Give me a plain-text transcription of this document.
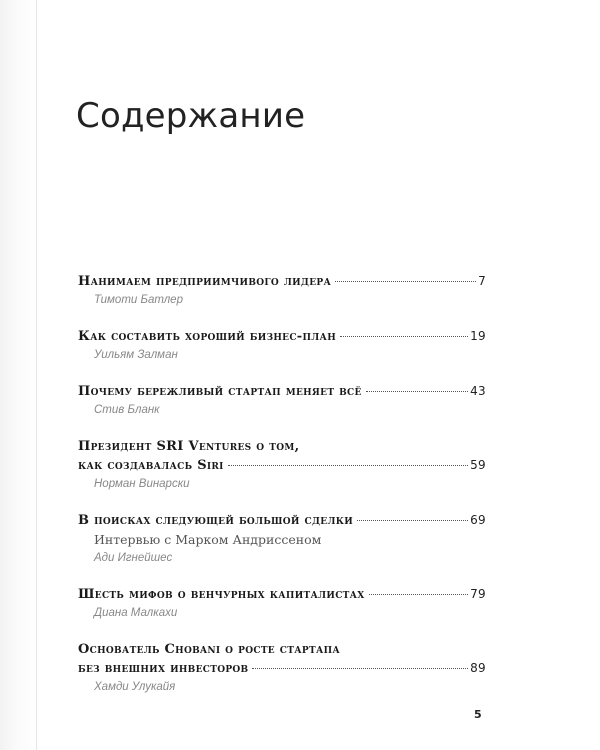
Содержание
Нанимаем предприимчивого лидера	7
Тимоти Батлер
Как составить хороший бизнес-план	19
Уильям Залман
Почему бережливый стартап меняет всё	43
Стив Бланк
Президент SRI Ventures о том,
как создавалась Siri	59
Норман Винарски
В поисках следующей большой сделки	69
Интервью с Марком Андриссеном
Ади Игнейшес
Шесть мифов о венчурных капиталистах	79
Диана Малкахи
Основатель Chobani о росте стартапа
без внешних инвесторов	89
Хамди Улукайя
5
